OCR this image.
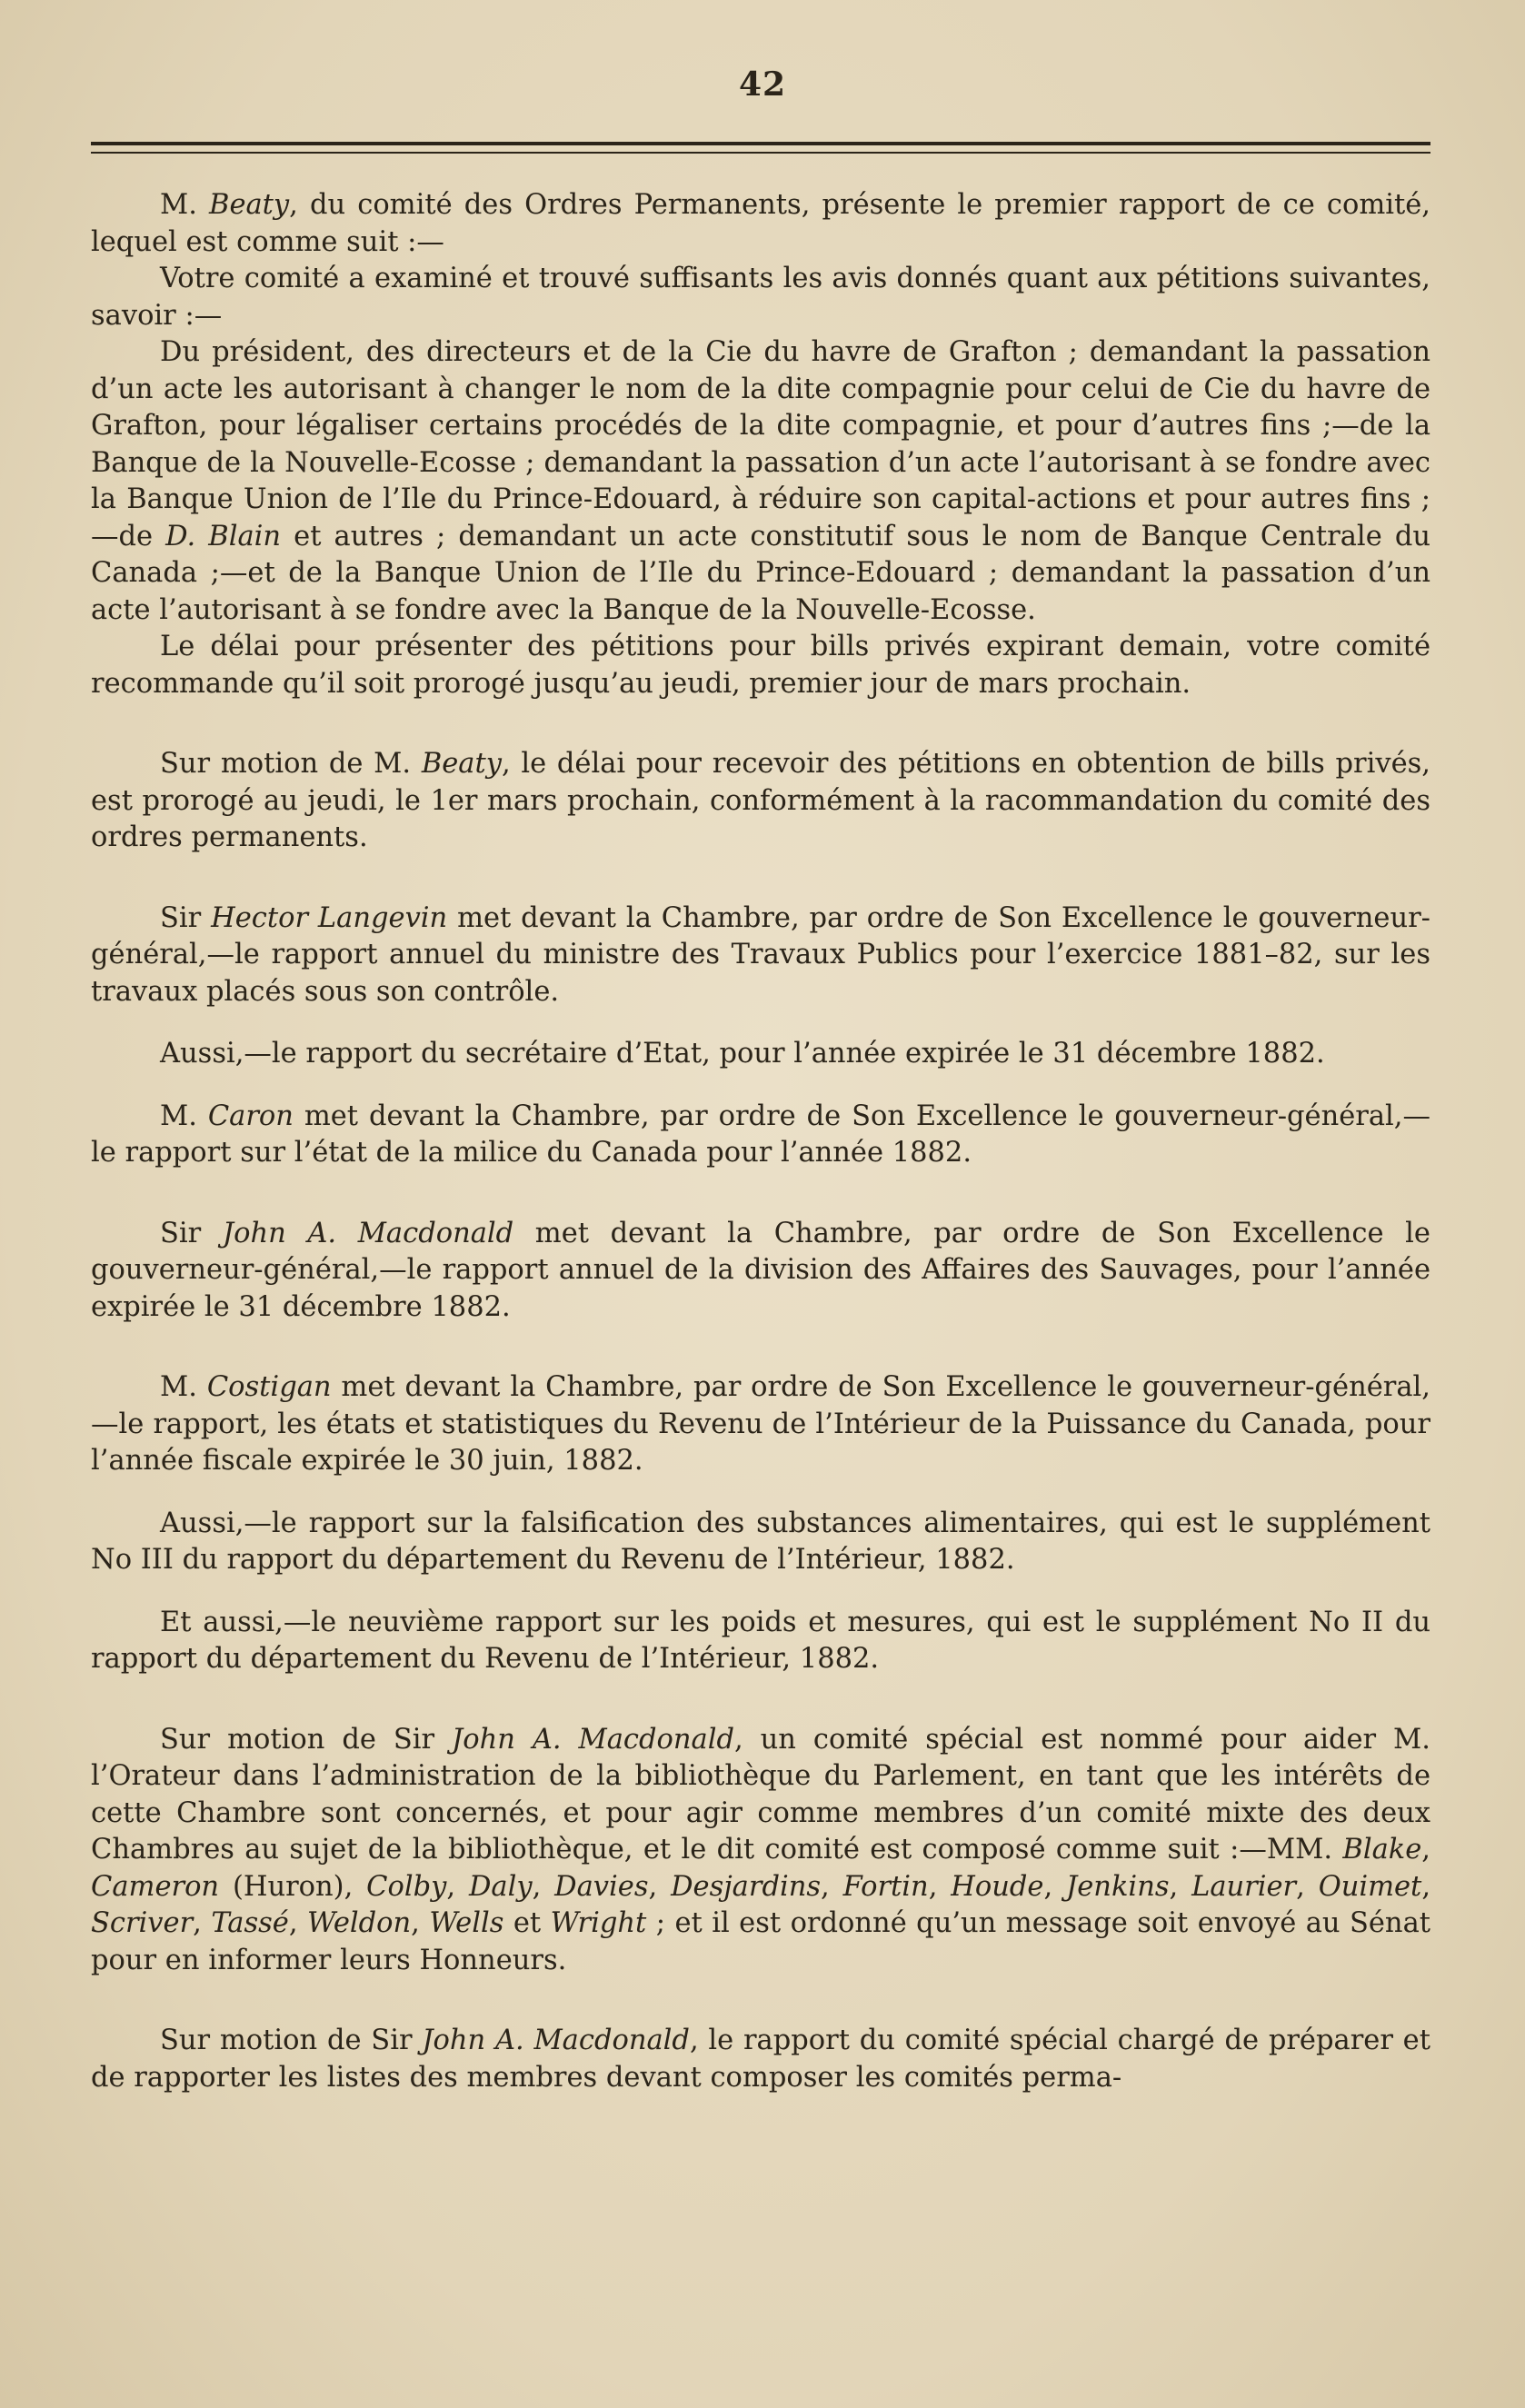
42

M. Beaty, du comité des Ordres Permanents, présente le premier rapport de ce comité, lequel est comme suit :—

Votre comité a examiné et trouvé suffisants les avis donnés quant aux pétitions suivantes, savoir :—

Du président, des directeurs et de la Cie du havre de Grafton ; demandant la passation d’un acte les autorisant à changer le nom de la dite compagnie pour celui de Cie du havre de Grafton, pour légaliser certains procédés de la dite compagnie, et pour d’autres fins ;—de la Banque de la Nouvelle-Ecosse ; demandant la passation d’un acte l’autorisant à se fondre avec la Banque Union de l’Ile du Prince-Edouard, à réduire son capital-actions et pour autres fins ;—de D. Blain et autres ; demandant un acte constitutif sous le nom de Banque Centrale du Canada ;—et de la Banque Union de l’Ile du Prince-Edouard ; demandant la passation d’un acte l’autorisant à se fondre avec la Banque de la Nouvelle-Ecosse.

Le délai pour présenter des pétitions pour bills privés expirant demain, votre comité recommande qu’il soit prorogé jusqu’au jeudi, premier jour de mars prochain.

Sur motion de M. Beaty, le délai pour recevoir des pétitions en obtention de bills privés, est prorogé au jeudi, le 1er mars prochain, conformément à la racommandation du comité des ordres permanents.

Sir Hector Langevin met devant la Chambre, par ordre de Son Excellence le gouverneur-général,—le rapport annuel du ministre des Travaux Publics pour l’exercice 1881–82, sur les travaux placés sous son contrôle.

Aussi,—le rapport du secrétaire d’Etat, pour l’année expirée le 31 décembre 1882.

M. Caron met devant la Chambre, par ordre de Son Excellence le gouverneur-général,—le rapport sur l’état de la milice du Canada pour l’année 1882.

Sir John A. Macdonald met devant la Chambre, par ordre de Son Excellence le gouverneur-général,—le rapport annuel de la division des Affaires des Sauvages, pour l’année expirée le 31 décembre 1882.

M. Costigan met devant la Chambre, par ordre de Son Excellence le gouverneur-général,—le rapport, les états et statistiques du Revenu de l’Intérieur de la Puissance du Canada, pour l’année fiscale expirée le 30 juin, 1882.

Aussi,—le rapport sur la falsification des substances alimentaires, qui est le supplément No III du rapport du département du Revenu de l’Intérieur, 1882.

Et aussi,—le neuvième rapport sur les poids et mesures, qui est le supplément No II du rapport du département du Revenu de l’Intérieur, 1882.

Sur motion de Sir John A. Macdonald, un comité spécial est nommé pour aider M. l’Orateur dans l’administration de la bibliothèque du Parlement, en tant que les intérêts de cette Chambre sont concernés, et pour agir comme membres d’un comité mixte des deux Chambres au sujet de la bibliothèque, et le dit comité est composé comme suit :—MM. Blake, Cameron (Huron), Colby, Daly, Davies, Desjardins, Fortin, Houde, Jenkins, Laurier, Ouimet, Scriver, Tassé, Weldon, Wells et Wright ; et il est ordonné qu’un message soit envoyé au Sénat pour en informer leurs Honneurs.

Sur motion de Sir John A. Macdonald, le rapport du comité spécial chargé de préparer et de rapporter les listes des membres devant composer les comités perma-
